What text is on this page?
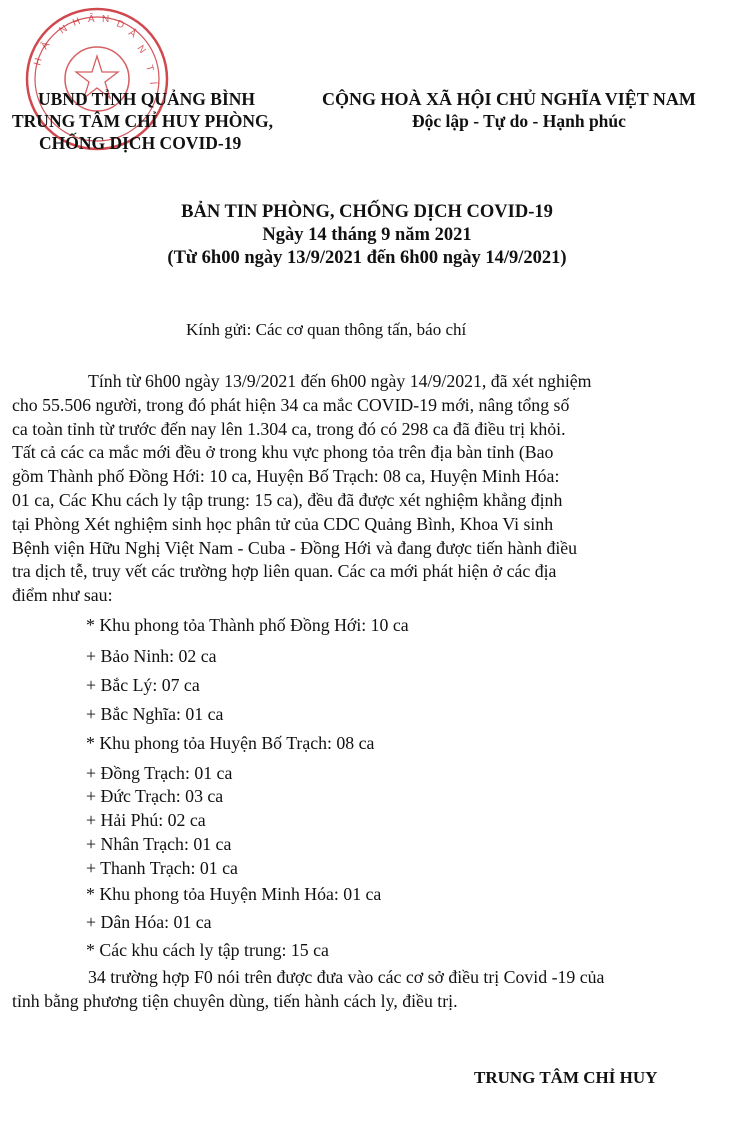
N
H Â N D
Â
N
Â
H
T
Ỉ
UBND TỈNH QUẢNG BÌNH
TRUNG TÂM CHỈ HUY PHÒNG,
CHỐNG DỊCH COVID-19
CỘNG HOÀ XÃ HỘI CHỦ NGHĨA VIỆT NAM
Độc lập - Tự do - Hạnh phúc
BẢN TIN PHÒNG, CHỐNG DỊCH COVID-19
Ngày 14 tháng 9 năm 2021
(Từ 6h00 ngày 13/9/2021 đến 6h00 ngày 14/9/2021)
Kính gửi: Các cơ quan thông tấn, báo chí
Tính từ 6h00 ngày 13/9/2021 đến 6h00 ngày 14/9/2021, đã xét nghiệm
cho 55.506 người, trong đó phát hiện 34 ca mắc COVID-19 mới, nâng tổng số
ca toàn tỉnh từ trước đến nay lên 1.304 ca, trong đó có 298 ca đã điều trị khỏi.
Tất cả các ca mắc mới đều ở trong khu vực phong tỏa trên địa bàn tỉnh (Bao
gồm Thành phố Đồng Hới: 10 ca, Huyện Bố Trạch: 08 ca, Huyện Minh Hóa:
01 ca, Các Khu cách ly tập trung: 15 ca), đều đã được xét nghiệm khẳng định
tại Phòng Xét nghiệm sinh học phân tử của CDC Quảng Bình, Khoa Vi sinh
Bệnh viện Hữu Nghị Việt Nam - Cuba - Đồng Hới và đang được tiến hành điều
tra dịch tễ, truy vết các trường hợp liên quan. Các ca mới phát hiện ở các địa
điểm như sau:
* Khu phong tỏa Thành phố Đồng Hới: 10 ca
+ Bảo Ninh: 02 ca
+ Bắc Lý: 07 ca
+ Bắc Nghĩa: 01 ca
* Khu phong tỏa Huyện Bố Trạch: 08 ca
+ Đồng Trạch: 01 ca
+ Đức Trạch: 03 ca
+ Hải Phú: 02 ca
+ Nhân Trạch: 01 ca
+ Thanh Trạch: 01 ca
* Khu phong tỏa Huyện Minh Hóa: 01 ca
+ Dân Hóa: 01 ca
* Các khu cách ly tập trung: 15 ca
34 trường hợp F0 nói trên được đưa vào các cơ sở điều trị Covid -19 của
tỉnh bằng phương tiện chuyên dùng, tiến hành cách ly, điều trị.
TRUNG TÂM CHỈ HUY
